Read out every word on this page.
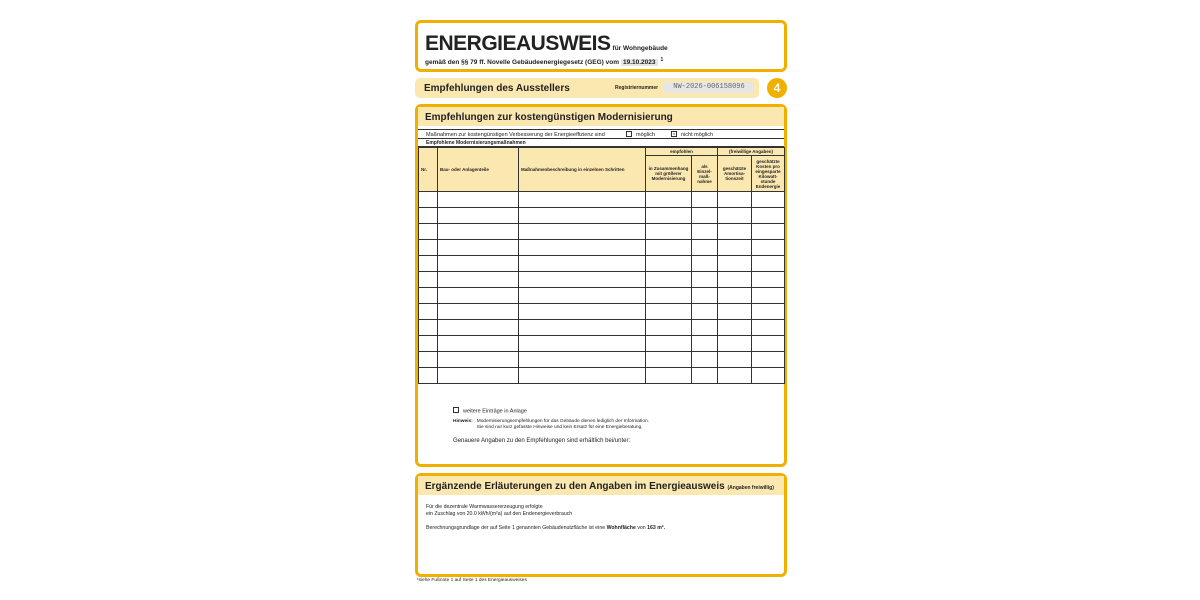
ENERGIEAUSWEIS für Wohngebäude
gemäß den §§ 79 ff. Novelle Gebäudeenergiegesetz (GEG) vom 19.10.2023 $^1$
Empfehlungen des Ausstellers	Registriernummer	NW-2026-006158096	4
Empfehlungen zur kostengünstigen Modernisierung
Maßnahmen zur kostengünstigen Verbesserung der Energieeffizienz sind	möglich	x nicht möglich
Empfohlene Modernisierungsmaßnahmen
Nr.	Bau- oder Anlagenteile	Maßnahmenbeschreibung in einzelnen Schritten	empfohlen		(freiwillige Angaben)	
			in Zusammenhang mit größerer Modernisierung	als Einzel-maß-nahme	geschätzte Amortisa-tionszeit	geschätzte Kosten pro eingesparte Kilowatt-stunde Endenergie

weitere Einträge in Anlage
Hinweis: Modernisierungsempfehlungen für das Gebäude dienen lediglich der Information.
Sie sind nur kurz gefasste Hinweise und kein Ersatz für eine Energieberatung.
Genauere Angaben zu den Empfehlungen sind erhältlich bei/unter:
Ergänzende Erläuterungen zu den Angaben im Energieausweis (Angaben freiwillig)
Für die dezentrale Warmwassererzeugung erfolgte
ein Zuschlag von 20.0 kWh/(m²a) auf den Endenergieverbrauch
Berechnungsgrundlage der auf Seite 1 genannten Gebäudenutzfläche ist eine Wohnfläche von 163 m².
¹siehe Fußnote 1 auf Seite 1 des Energieausweises
